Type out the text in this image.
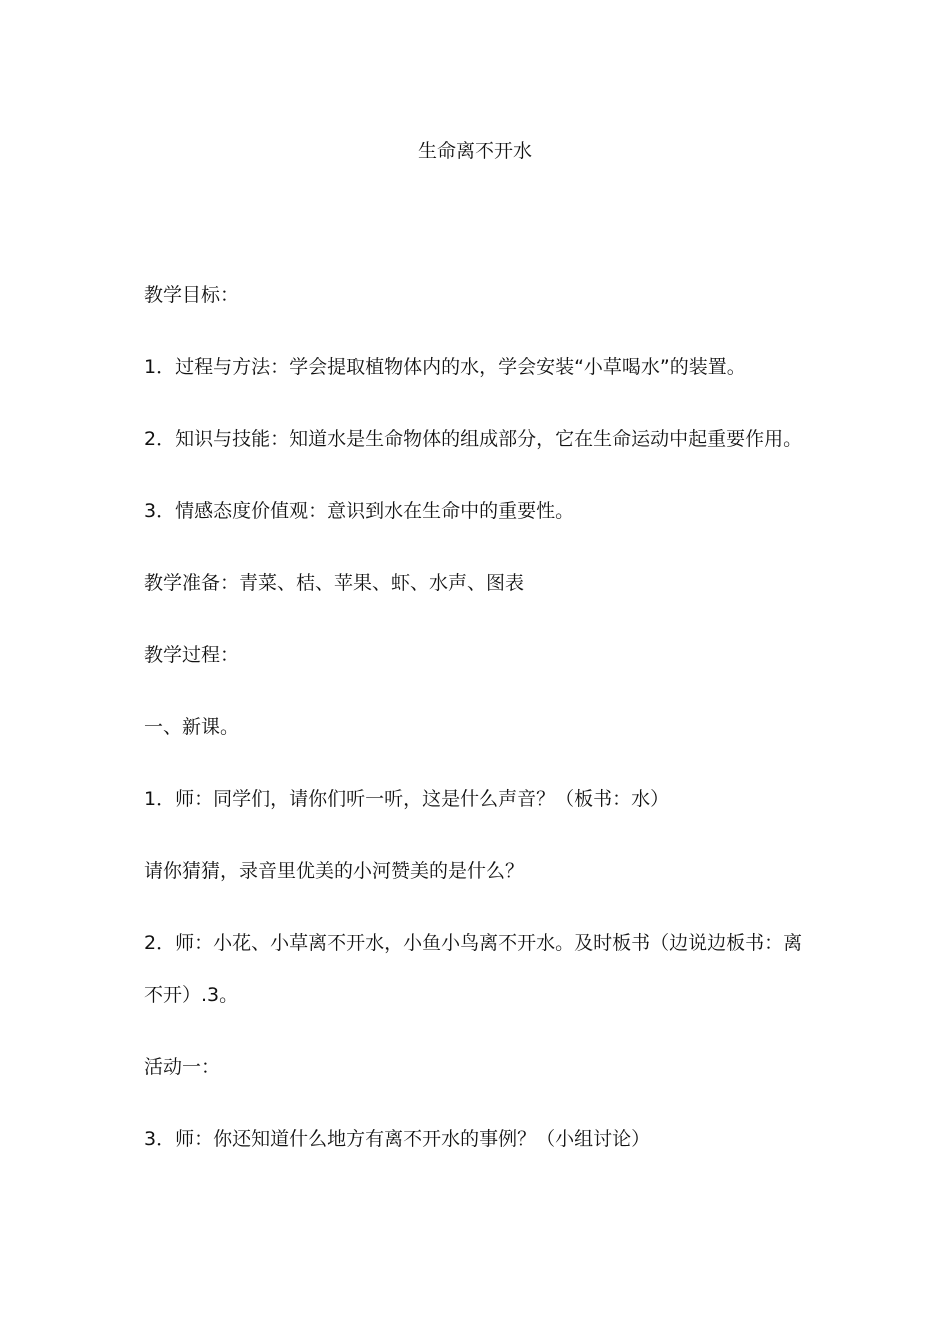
生命离不开水
教学目标：
1．过程与方法：学会提取植物体内的水，学会安装“小草喝水”的装置。
2．知识与技能：知道水是生命物体的组成部分，它在生命运动中起重要作用。
3．情感态度价值观：意识到水在生命中的重要性。
教学准备：青菜、桔、苹果、虾、水声、图表
教学过程：
一、新课。
1．师：同学们，请你们听一听，这是什么声音？（板书：水）
请你猜猜，录音里优美的小河赞美的是什么？
2．师：小花、小草离不开水，小鱼小鸟离不开水。及时板书（边说边板书：离
不开）.3。
活动一：
3．师：你还知道什么地方有离不开水的事例？（小组讨论）
